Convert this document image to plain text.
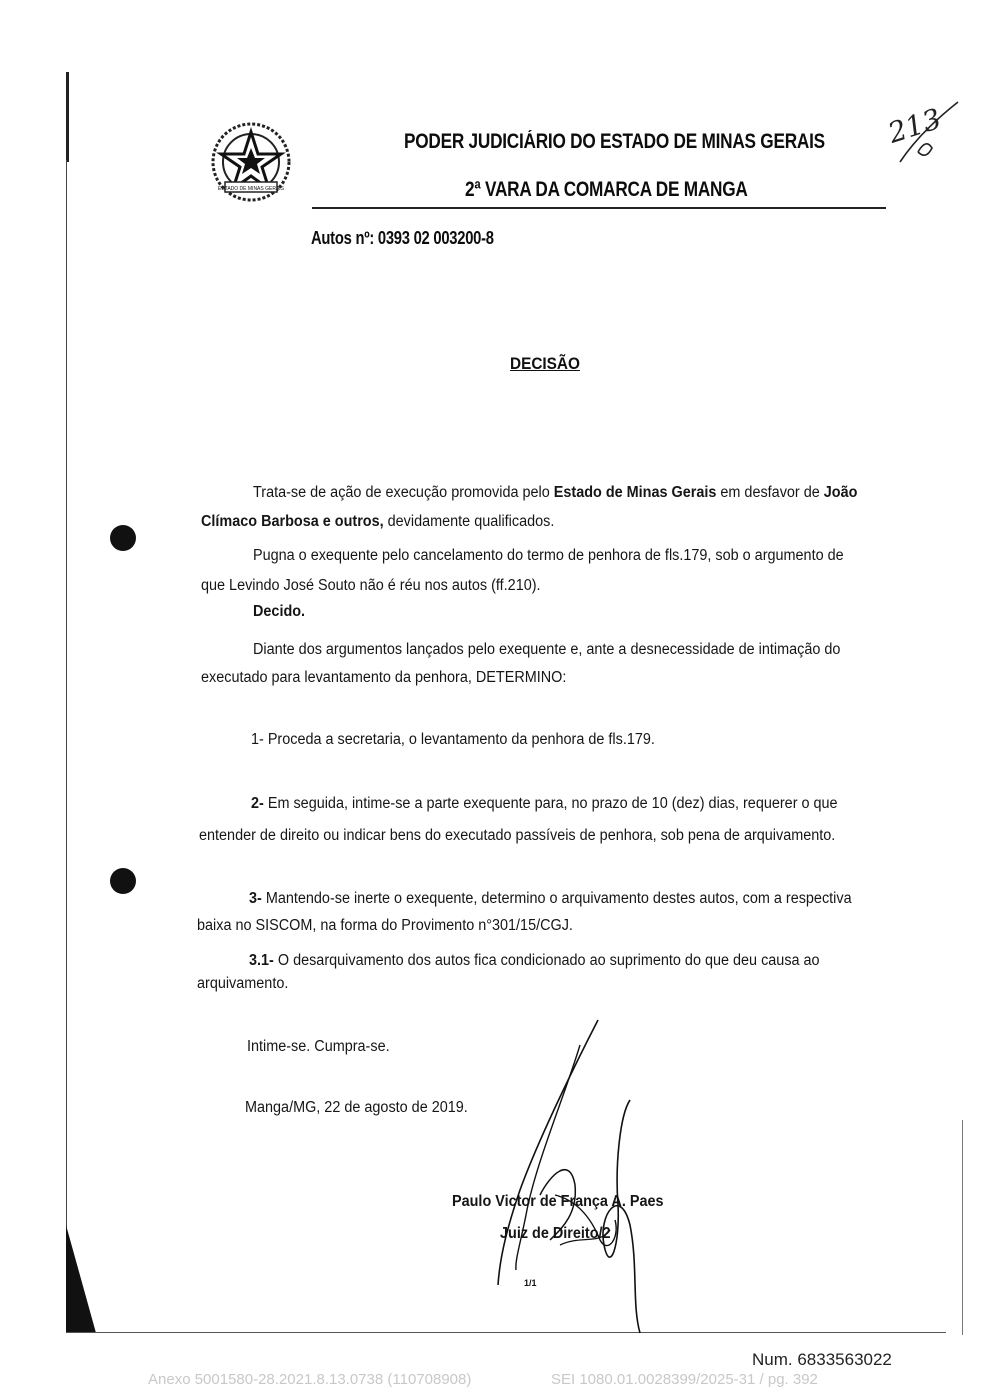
ESTADO DE MINAS GERAIS
PODER JUDICIÁRIO DO ESTADO DE MINAS GERAIS
2ª VARA DA COMARCA DE MANGA
Autos nº: 0393 02 003200-8
213
DECISÃO
Trata-se de ação de execução promovida pelo Estado de Minas Gerais em desfavor de João
Clímaco Barbosa e outros, devidamente qualificados.
Pugna o exequente pelo cancelamento do termo de penhora de fls.179, sob o argumento de
que Levindo José Souto não é réu nos autos (ff.210).
Decido.
Diante dos argumentos lançados pelo exequente e, ante a desnecessidade de intimação do
executado para levantamento da penhora, DETERMINO:
1- Proceda a secretaria, o levantamento da penhora de fls.179.
2- Em seguida, intime-se a parte exequente para, no prazo de 10 (dez) dias, requerer o que
entender de direito ou indicar bens do executado passíveis de penhora, sob pena de arquivamento.
3- Mantendo-se inerte o exequente, determino o arquivamento destes autos, com a respectiva
baixa no SISCOM, na forma do Provimento n°301/15/CGJ.
3.1- O desarquivamento dos autos fica condicionado ao suprimento do que deu causa ao
arquivamento.
Intime-se. Cumpra-se.
Manga/MG, 22 de agosto de 2019.
Paulo Victor de França A. Paes
Juiz de Direito/2
1/1
Num. 6833563022
Anexo 5001580-28.2021.8.13.0738 (110708908)	SEI 1080.01.0028399/2025-31 / pg. 392
